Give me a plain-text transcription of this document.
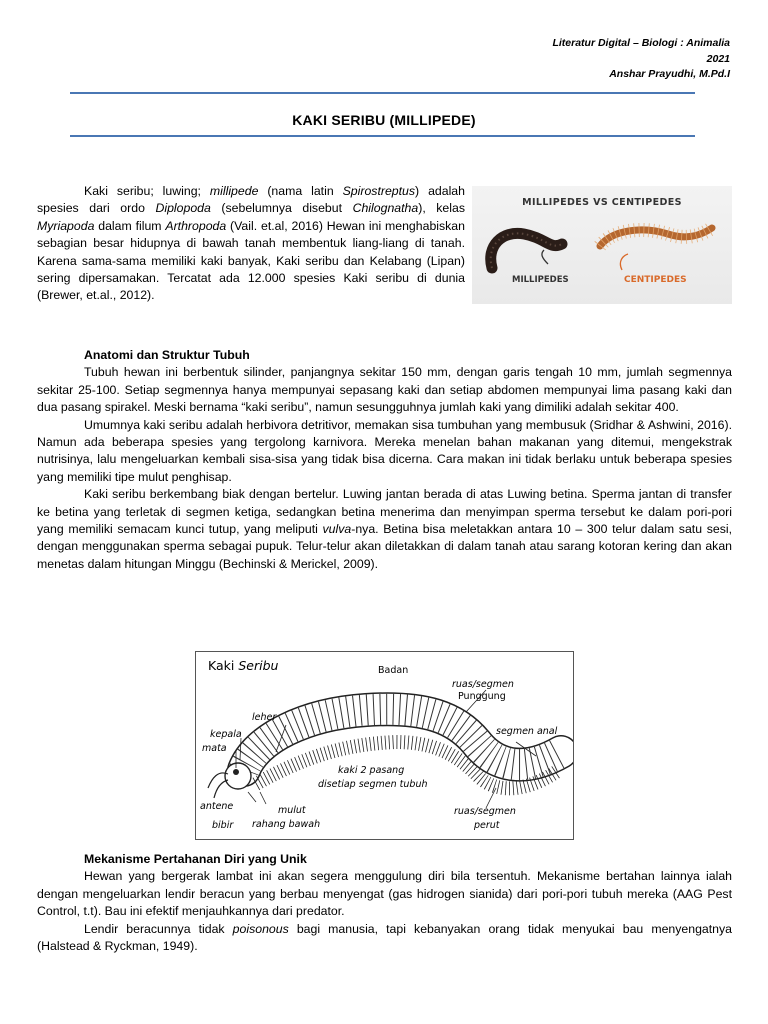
Literatur Digital – Biologi : Animalia
2021
Anshar Prayudhi, M.Pd.I
KAKI SERIBU (MILLIPEDE)

Kaki seribu; luwing; millipede (nama latin Spirostreptus) adalah spesies dari ordo Diplopoda (sebelumnya disebut Chilognatha), kelas Myriapoda dalam filum Arthropoda (Vail. et.al, 2016) Hewan ini menghabiskan sebagian besar hidupnya di bawah tanah membentuk liang-liang di tanah. Karena sama-sama memiliki kaki banyak, Kaki seribu dan Kelabang (Lipan) sering dipersamakan. Tercatat ada 12.000 spesies Kaki seribu di dunia (Brewer, et.al., 2012).

MILLIPEDES VS CENTIPEDES
MILLIPEDES	CENTIPEDES

Anatomi dan Struktur Tubuh

Tubuh hewan ini berbentuk silinder, panjangnya sekitar 150 mm, dengan garis tengah 10 mm, jumlah segmennya sekitar 25-100. Setiap segmennya hanya mempunyai sepasang kaki dan setiap abdomen mempunyai lima pasang kaki dan dua pasang spirakel. Meski bernama “kaki seribu”, namun sesungguhnya jumlah kaki yang dimiliki adalah sekitar 400.

Umumnya kaki seribu adalah herbivora detritivor, memakan sisa tumbuhan yang membusuk (Sridhar & Ashwini, 2016). Namun ada beberapa spesies yang tergolong karnivora. Mereka menelan bahan makanan yang ditemui, mengekstrak nutrisinya, lalu mengeluarkan kembali sisa-sisa yang tidak bisa dicerna. Cara makan ini tidak berlaku untuk beberapa spesies yang memiliki tipe mulut penghisap.

Kaki seribu berkembang biak dengan bertelur. Luwing jantan berada di atas Luwing betina. Sperma jantan di transfer ke betina yang terletak di segmen ketiga, sedangkan betina menerima dan menyimpan sperma tersebut ke dalam pori-pori yang memiliki semacam kunci tutup, yang meliputi vulva-nya. Betina bisa meletakkan antara 10 – 300 telur dalam satu sesi, dengan menggunakan sperma sebagai pupuk. Telur-telur akan diletakkan di dalam tanah atau sarang kotoran kering dan akan menetas dalam hitungan Minggu (Bechinski & Merickel, 2009).

Kaki Seribu	Badan
ruas/segmen
Punggung
leher
kepala
mata
segmen anal
kaki 2 pasang
disetiap segmen tubuh
antene	mulut	ruas/segmen
bibir rahang bawah	perut

Mekanisme Pertahanan Diri yang Unik

Hewan yang bergerak lambat ini akan segera menggulung diri bila tersentuh. Mekanisme bertahan lainnya ialah dengan mengeluarkan lendir beracun yang berbau menyengat (gas hidrogen sianida) dari pori-pori tubuh mereka (AAG Pest Control, t.t). Bau ini efektif menjauhkannya dari predator.

Lendir beracunnya tidak poisonous bagi manusia, tapi kebanyakan orang tidak menyukai bau menyengatnya (Halstead & Ryckman, 1949).
